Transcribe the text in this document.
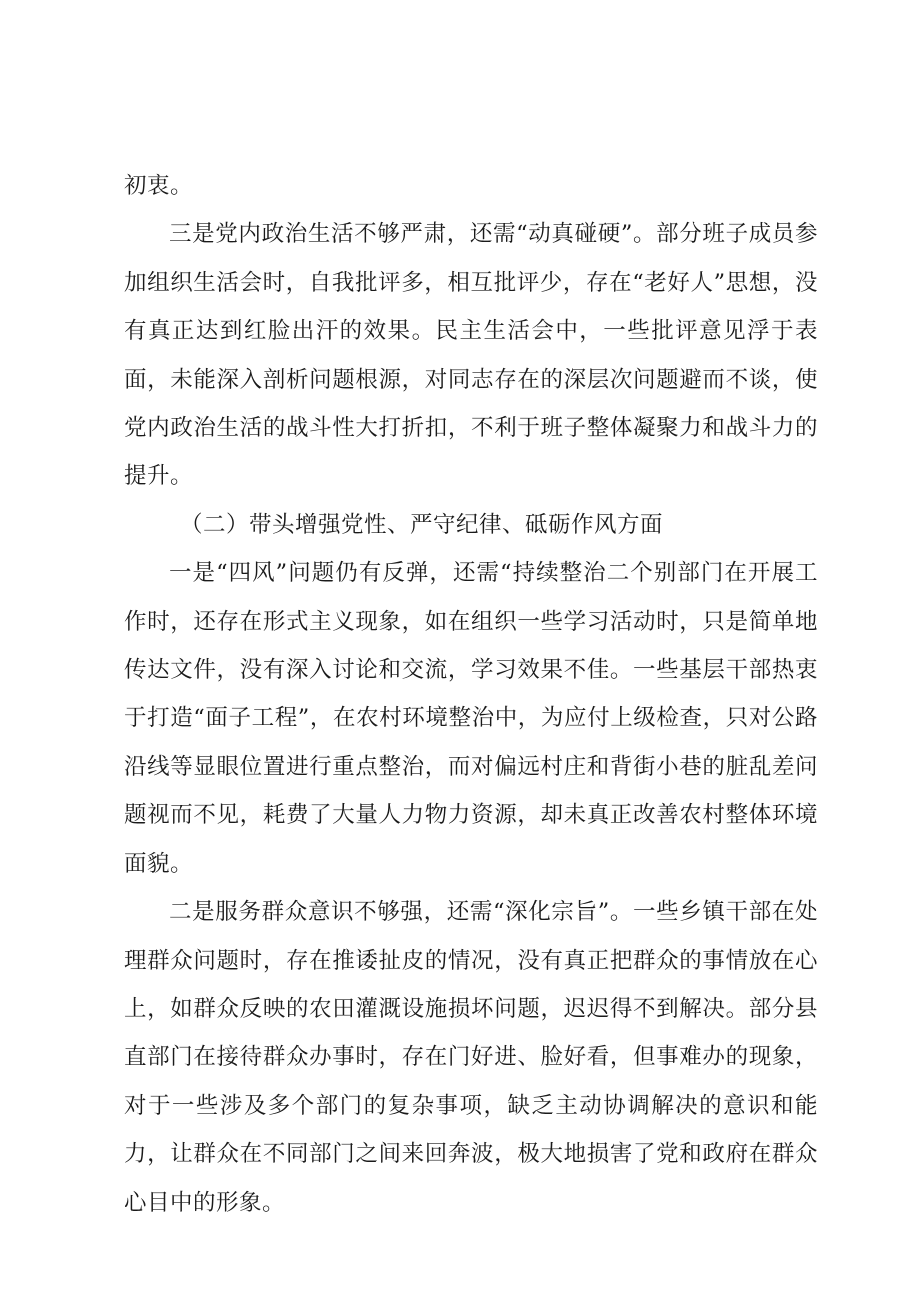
初衷。

三是党内政治生活不够严肃，还需“动真碰硬”。部分班子成员参加组织生活会时，自我批评多，相互批评少，存在“老好人”思想，没有真正达到红脸出汗的效果。民主生活会中，一些批评意见浮于表面，未能深入剖析问题根源，对同志存在的深层次问题避而不谈，使党内政治生活的战斗性大打折扣，不利于班子整体凝聚力和战斗力的提升。

（二）带头增强党性、严守纪律、砥砺作风方面

一是“四风”问题仍有反弹，还需“持续整治二个别部门在开展工作时，还存在形式主义现象，如在组织一些学习活动时，只是简单地传达文件，没有深入讨论和交流，学习效果不佳。一些基层干部热衷于打造“面子工程”，在农村环境整治中，为应付上级检查，只对公路沿线等显眼位置进行重点整治，而对偏远村庄和背街小巷的脏乱差问题视而不见，耗费了大量人力物力资源，却未真正改善农村整体环境面貌。

二是服务群众意识不够强，还需“深化宗旨”。一些乡镇干部在处理群众问题时，存在推诿扯皮的情况，没有真正把群众的事情放在心上，如群众反映的农田灌溉设施损坏问题，迟迟得不到解决。部分县直部门在接待群众办事时，存在门好进、脸好看，但事难办的现象，对于一些涉及多个部门的复杂事项，缺乏主动协调解决的意识和能力，让群众在不同部门之间来回奔波，极大地损害了党和政府在群众心目中的形象。
